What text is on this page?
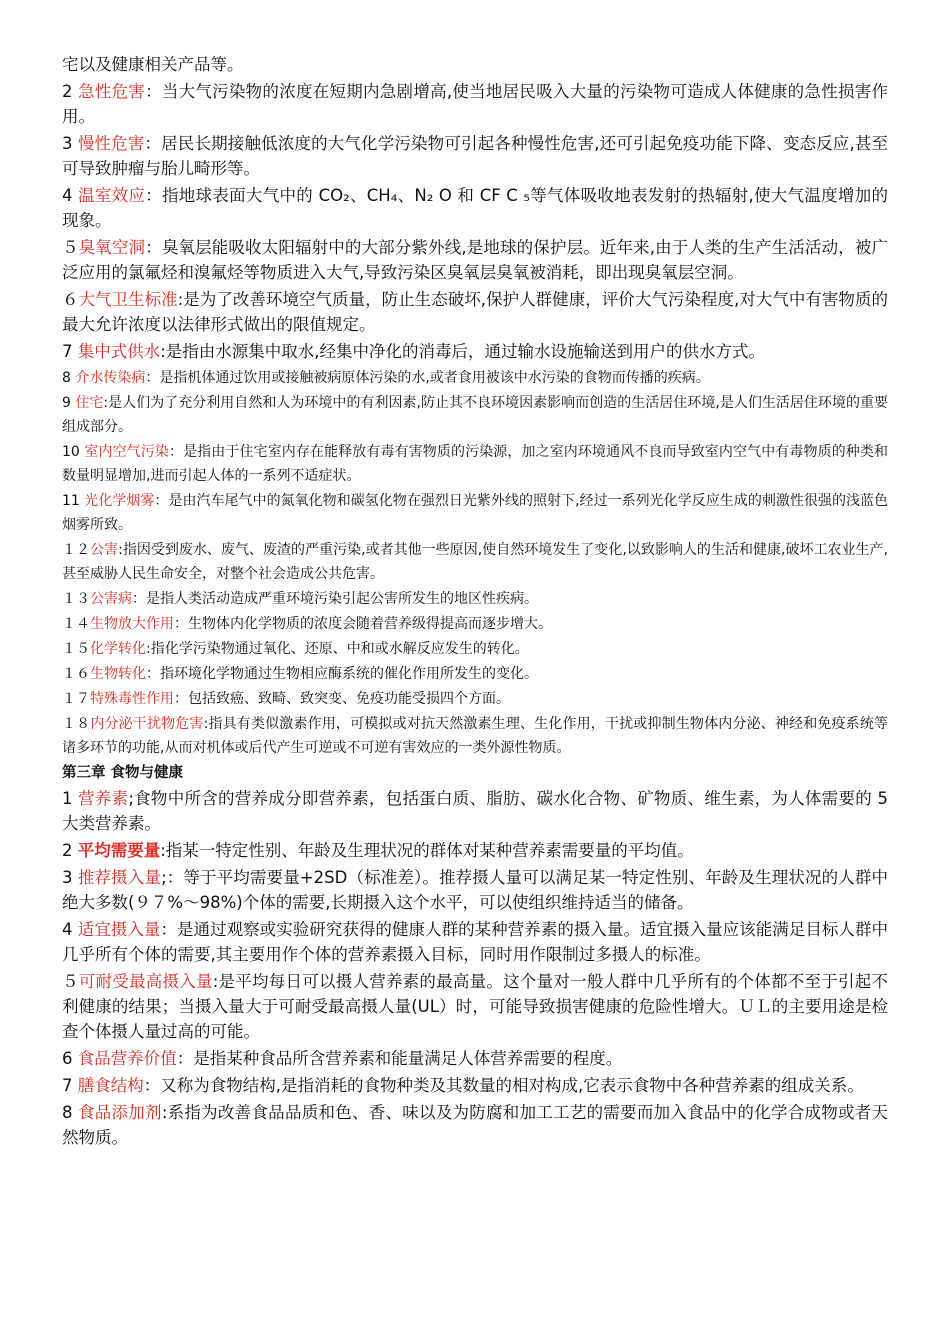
宅以及健康相关产品等。

2 急性危害：当大气污染物的浓度在短期内急剧增高,使当地居民吸入大量的污染物可造成人体健康的急性损害作用。

3 慢性危害：居民长期接触低浓度的大气化学污染物可引起各种慢性危害,还可引起免疫功能下降、变态反应,甚至可导致肿瘤与胎儿畸形等。

4 温室效应：指地球表面大气中的 CO₂、CH₄、N₂ O 和 CF C ₅等气体吸收地表发射的热辐射,使大气温度增加的现象。

５臭氧空洞：臭氧层能吸收太阳辐射中的大部分紫外线,是地球的保护层。近年来,由于人类的生产生活活动，被广泛应用的氯氟烃和溴氟烃等物质进入大气,导致污染区臭氧层臭氧被消耗，即出现臭氧层空洞。

６大气卫生标准:是为了改善环境空气质量，防止生态破坏,保护人群健康，评价大气污染程度,对大气中有害物质的最大允许浓度以法律形式做出的限值规定。

7 集中式供水:是指由水源集中取水,经集中净化的消毒后，通过输水设施输送到用户的供水方式。

8 介水传染病：是指机体通过饮用或接触被病原体污染的水,或者食用被该中水污染的食物而传播的疾病。

9 住宅:是人们为了充分利用自然和人为环境中的有利因素,防止其不良环境因素影响而创造的生活居住环境,是人们生活居住环境的重要组成部分。

10 室内空气污染：是指由于住宅室内存在能释放有毒有害物质的污染源，加之室内环境通风不良而导致室内空气中有毒物质的种类和数量明显增加,进而引起人体的一系列不适症状。

11 光化学烟雾：是由汽车尾气中的氮氧化物和碳氢化物在强烈日光紫外线的照射下,经过一系列光化学反应生成的刺激性很强的浅蓝色烟雾所致。

１２公害:指因受到废水、废气、废渣的严重污染,或者其他一些原因,使自然环境发生了变化,以致影响人的生活和健康,破坏工农业生产,甚至威胁人民生命安全，对整个社会造成公共危害。

１３公害病：是指人类活动造成严重环境污染引起公害所发生的地区性疾病。

１４生物放大作用：生物体内化学物质的浓度会随着营养级得提高而逐步增大。

１５化学转化:指化学污染物通过氧化、还原、中和或水解反应发生的转化。

１６生物转化：指环境化学物通过生物相应酶系统的催化作用所发生的变化。

１７特殊毒性作用：包括致癌、致畸、致突变、免疫功能受损四个方面。

１８内分泌干扰物危害:指具有类似激素作用，可模拟或对抗天然激素生理、生化作用，干扰或抑制生物体内分泌、神经和免疫系统等诸多环节的功能,从而对机体或后代产生可逆或不可逆有害效应的一类外源性物质。

第三章 食物与健康

1 营养素;食物中所含的营养成分即营养素，包括蛋白质、脂肪、碳水化合物、矿物质、维生素，为人体需要的 5 大类营养素。

2 平均需要量:指某一特定性别、年龄及生理状况的群体对某种营养素需要量的平均值。

3 推荐摄入量;：等于平均需要量+2SD（标准差）。推荐摄人量可以满足某一特定性别、年龄及生理状况的人群中绝大多数(９７%～98%)个体的需要,长期摄入这个水平，可以使组织维持适当的储备。

4 适宜摄入量：是通过观察或实验研究获得的健康人群的某种营养素的摄入量。适宜摄入量应该能满足目标人群中几乎所有个体的需要,其主要用作个体的营养素摄入目标，同时用作限制过多摄人的标准。

５可耐受最高摄入量:是平均每日可以摄人营养素的最高量。这个量对一般人群中几乎所有的个体都不至于引起不利健康的结果；当摄入量大于可耐受最高摄人量(UL）时，可能导致损害健康的危险性增大。ＵＬ的主要用途是检查个体摄人量过高的可能。

6 食品营养价值：是指某种食品所含营养素和能量满足人体营养需要的程度。

7 膳食结构：又称为食物结构,是指消耗的食物种类及其数量的相对构成,它表示食物中各种营养素的组成关系。

8 食品添加剂:系指为改善食品品质和色、香、味以及为防腐和加工工艺的需要而加入食品中的化学合成物或者天然物质。
